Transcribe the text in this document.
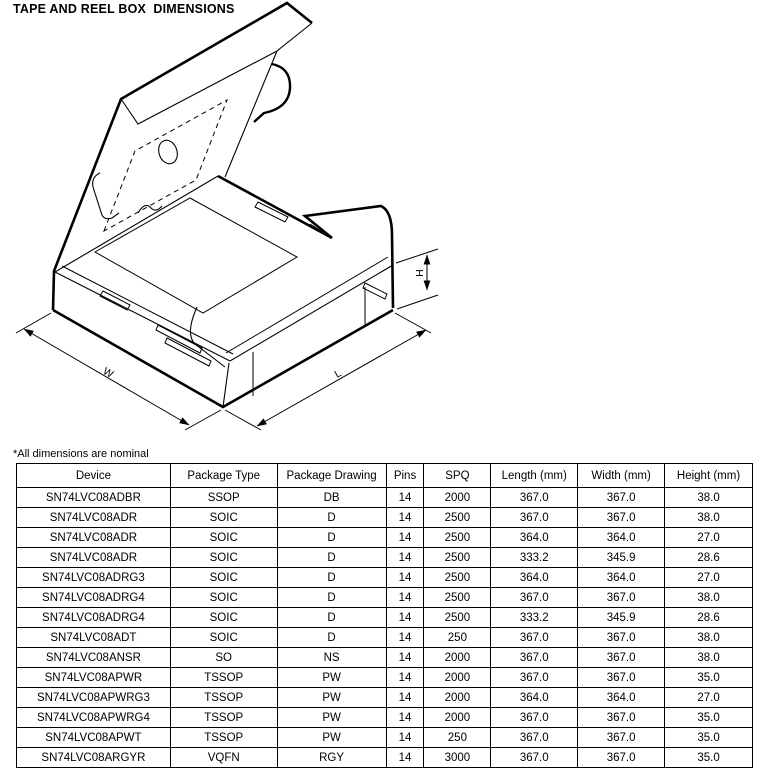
TAPE AND REEL BOX  DIMENSIONS
W	L
H
*All dimensions are nominal
Device	Package Type	Package Drawing	Pins	SPQ	Length (mm)	Width (mm)	Height (mm)
SN74LVC08ADBR	SSOP	DB	14	2000	367.0	367.0	38.0
SN74LVC08ADR	SOIC	D	14	2500	367.0	367.0	38.0
SN74LVC08ADR	SOIC	D	14	2500	364.0	364.0	27.0
SN74LVC08ADR	SOIC	D	14	2500	333.2	345.9	28.6
SN74LVC08ADRG3	SOIC	D	14	2500	364.0	364.0	27.0
SN74LVC08ADRG4	SOIC	D	14	2500	367.0	367.0	38.0
SN74LVC08ADRG4	SOIC	D	14	2500	333.2	345.9	28.6
SN74LVC08ADT	SOIC	D	14	250	367.0	367.0	38.0
SN74LVC08ANSR	SO	NS	14	2000	367.0	367.0	38.0
SN74LVC08APWR	TSSOP	PW	14	2000	367.0	367.0	35.0
SN74LVC08APWRG3	TSSOP	PW	14	2000	364.0	364.0	27.0
SN74LVC08APWRG4	TSSOP	PW	14	2000	367.0	367.0	35.0
SN74LVC08APWT	TSSOP	PW	14	250	367.0	367.0	35.0
SN74LVC08ARGYR	VQFN	RGY	14	3000	367.0	367.0	35.0
